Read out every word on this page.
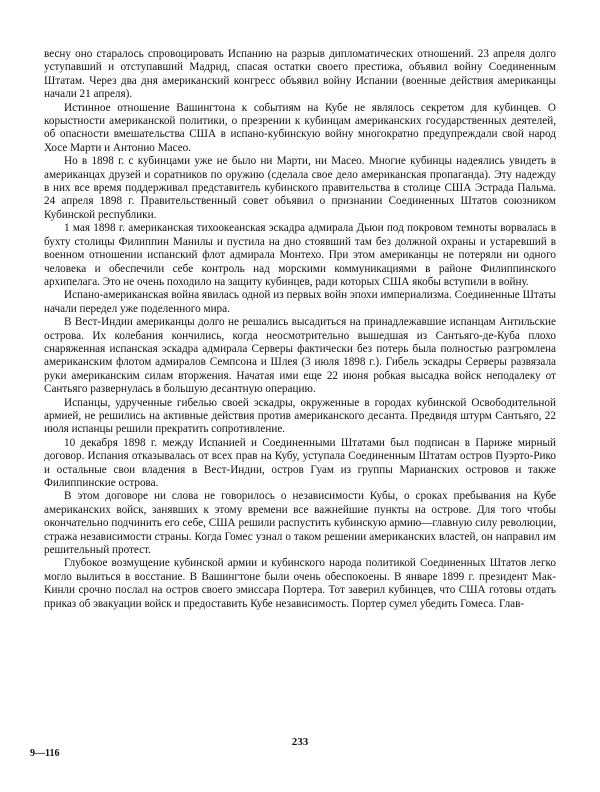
весну оно старалось спровоцировать Испанию на разрыв дипломатических отношений. 23 апреля долго уступавший и отступавший Мадрид, спасая остатки своего престижа, объявил войну Соединенным Штатам. Через два дня американский конгресс объявил войну Испании (военные действия американцы начали 21 апреля).

Истинное отношение Вашингтона к событиям на Кубе не являлось секретом для кубинцев. О корыстности американской политики, о презрении к кубинцам американских государственных деятелей, об опасности вмешательства США в испано-кубинскую войну многократно предупреждали свой народ Хосе Марти и Антонио Масео.

Но в 1898 г. с кубинцами уже не было ни Марти, ни Масео. Многие кубинцы надеялись увидеть в американцах друзей и соратников по оружию (сделала свое дело американская пропаганда). Эту надежду в них все время поддерживал представитель кубинского правительства в столице США Эстрада Пальма. 24 апреля 1898 г. Правительственный совет объявил о признании Соединенных Штатов союзником Кубинской республики.

1 мая 1898 г. американская тихоокеанская эскадра адмирала Дьюи под покровом темноты ворвалась в бухту столицы Филиппин Манилы и пустила на дно стоявший там без должной охраны и устаревший в военном отношении испанский флот адмирала Монтехо. При этом американцы не потеряли ни одного человека и обеспечили себе контроль над морскими коммуникациями в районе Филиппинского архипелага. Это не очень походило на защиту кубинцев, ради которых США якобы вступили в войну.

Испано-американская война явилась одной из первых войн эпохи империализма. Соединенные Штаты начали передел уже поделенного мира.

В Вест-Индии американцы долго не решались высадиться на принадлежавшие испанцам Антильские острова. Их колебания кончились, когда неосмотрительно вышедшая из Сантьяго-де-Куба плохо снаряженная испанская эскадра адмирала Серверы фактически без потерь была полностью разгромлена американским флотом адмиралов Семпсона и Шлея (3 июля 1898 г.). Гибель эскадры Серверы развязала руки американским силам вторжения. Начатая ими еще 22 июня робкая высадка войск неподалеку от Сантьяго развернулась в большую десантную операцию.

Испанцы, удрученные гибелью своей эскадры, окруженные в городах кубинской Освободительной армией, не решились на активные действия против американского десанта. Предвидя штурм Сантьяго, 22 июля испанцы решили прекратить сопротивление.

10 декабря 1898 г. между Испанией и Соединенными Штатами был подписан в Париже мирный договор. Испания отказывалась от всех прав на Кубу, уступала Соединенным Штатам остров Пуэрто-Рико и остальные свои владения в Вест-Индии, остров Гуам из группы Марианских островов и также Филиппинские острова.

В этом договоре ни слова не говорилось о независимости Кубы, о сроках пребывания на Кубе американских войск, занявших к этому времени все важнейшие пункты на острове. Для того чтобы окончательно подчинить его себе, США решили распустить кубинскую армию—главную силу революции, стража независимости страны. Когда Гомес узнал о таком решении американских властей, он направил им решительный протест.

Глубокое возмущение кубинской армии и кубинского народа политикой Соединенных Штатов легко могло вылиться в восстание. В Вашингтоне были очень обеспокоены. В январе 1899 г. президент Мак-Кинли срочно послал на остров своего эмиссара Портера. Тот заверил кубинцев, что США готовы отдать приказ об эвакуации войск и предоставить Кубе независимость. Портер сумел убедить Гомеса. Глав-

233
9—116
